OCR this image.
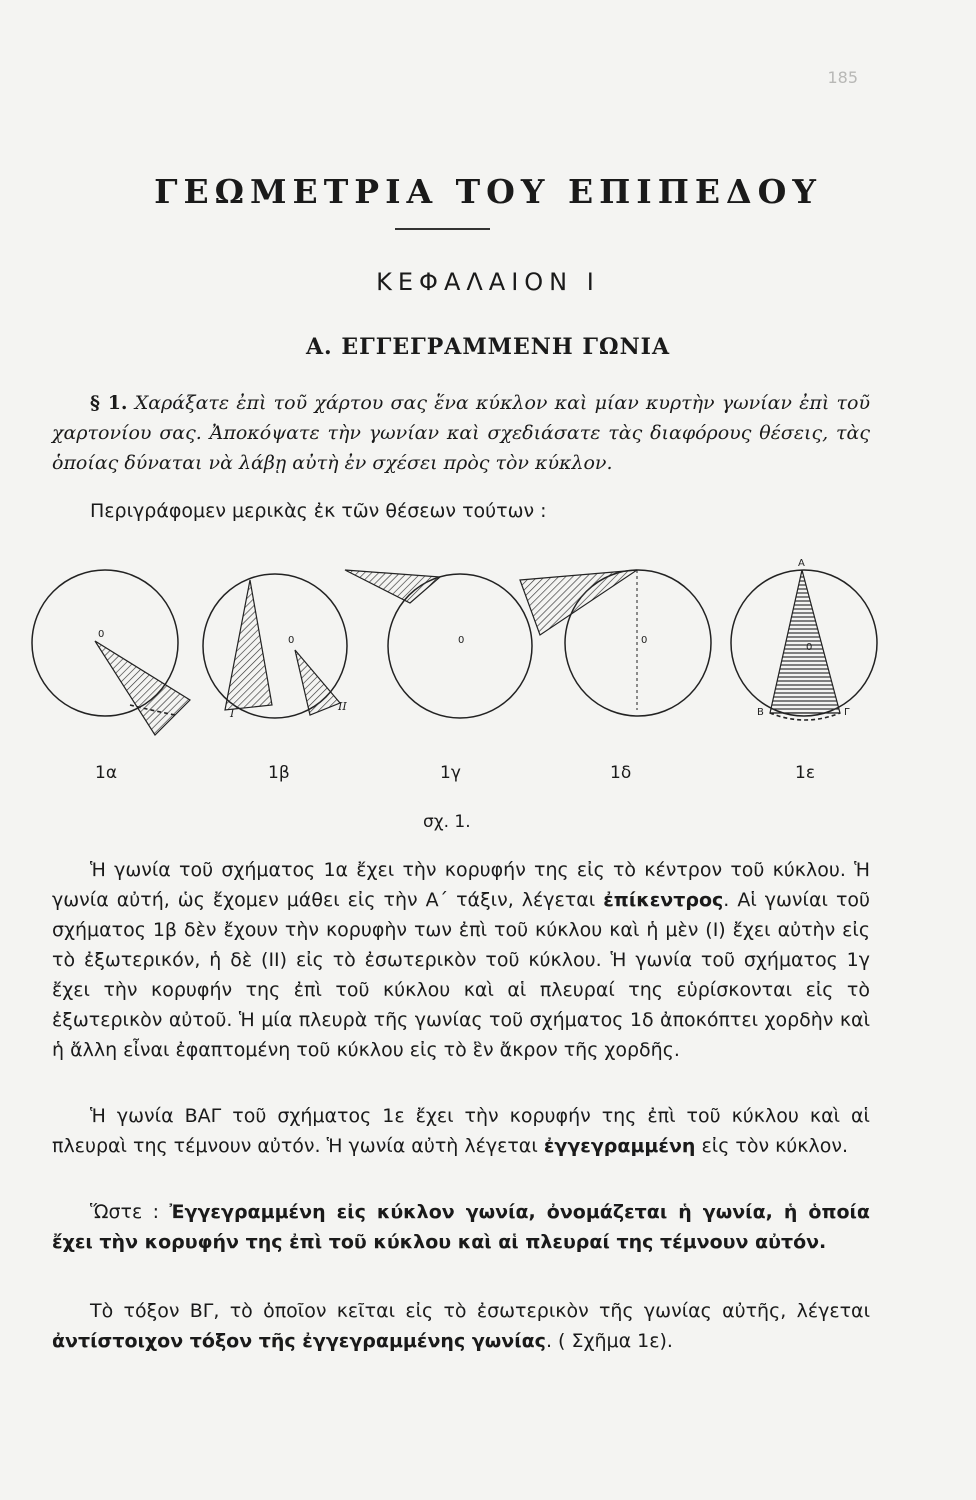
185
ΓΕΩΜΕΤΡΙΑ ΤΟΥ ΕΠΙΠΕΔΟΥ
ΚΕΦΑΛΑΙΟΝ I
Α. ΕΓΓΕΓΡΑΜΜΕΝΗ ΓΩΝΙΑ
§ 1. Χαράξατε ἐπὶ τοῦ χάρτου σας ἕνα κύκλον καὶ μίαν κυρτὴν γωνίαν ἐπὶ τοῦ χαρτονίου σας. Ἀποκόψατε τὴν γωνίαν καὶ σχεδιάσατε τὰς διαφόρους θέσεις, τὰς ὁποίας δύναται νὰ λάβῃ αὐτὴ ἐν σχέσει πρὸς τὸν κύκλον.
Περιγράφομεν μερικὰς ἐκ τῶν θέσεων τούτων :
0
0
I
II
0	0
A
B	Γ
0
1α	1β	1γ	1δ	1ε
σχ. 1.
Ἡ γωνία τοῦ σχήματος 1α ἔχει τὴν κορυφήν της εἰς τὸ κέντρον τοῦ κύκλου. Ἡ γωνία αὐτή, ὡς ἔχομεν μάθει εἰς τὴν Α΄ τάξιν, λέγεται ἐπίκεντρος. Αἱ γωνίαι τοῦ σχήματος 1β δὲν ἔχουν τὴν κορυφὴν των ἐπὶ τοῦ κύκλου καὶ ἡ μὲν (I) ἔχει αὐτὴν εἰς τὸ ἐξωτερικόν, ἡ δὲ (II) εἰς τὸ ἐσωτερικὸν τοῦ κύκλου. Ἡ γωνία τοῦ σχήματος 1γ ἔχει τὴν κορυφήν της ἐπὶ τοῦ κύκλου καὶ αἱ πλευραί της εὑρίσκονται εἰς τὸ ἐξωτερικὸν αὐτοῦ. Ἡ μία πλευρὰ τῆς γωνίας τοῦ σχήματος 1δ ἀποκόπτει χορδὴν καὶ ἡ ἄλλη εἶναι ἐφαπτομένη τοῦ κύκλου εἰς τὸ ἓν ἄκρον τῆς χορδῆς.
Ἡ γωνία ΒΑΓ τοῦ σχήματος 1ε ἔχει τὴν κορυφήν της ἐπὶ τοῦ κύκλου καὶ αἱ πλευραὶ της τέμνουν αὐτόν. Ἡ γωνία αὐτὴ λέγεται ἐγγεγραμμένη εἰς τὸν κύκλον.
Ὥστε : Ἐγγεγραμμένη εἰς κύκλον γωνία, ὀνομάζεται ἡ γωνία, ἡ ὁποία ἔχει τὴν κορυφήν της ἐπὶ τοῦ κύκλου καὶ αἱ πλευραί της τέμνουν αὐτόν.
Τὸ τόξον ΒΓ, τὸ ὁποῖον κεῖται εἰς τὸ ἐσωτερικὸν τῆς γωνίας αὐτῆς, λέγεται ἀντίστοιχον τόξον τῆς ἐγγεγραμμένης γωνίας. ( Σχῆμα 1ε).
